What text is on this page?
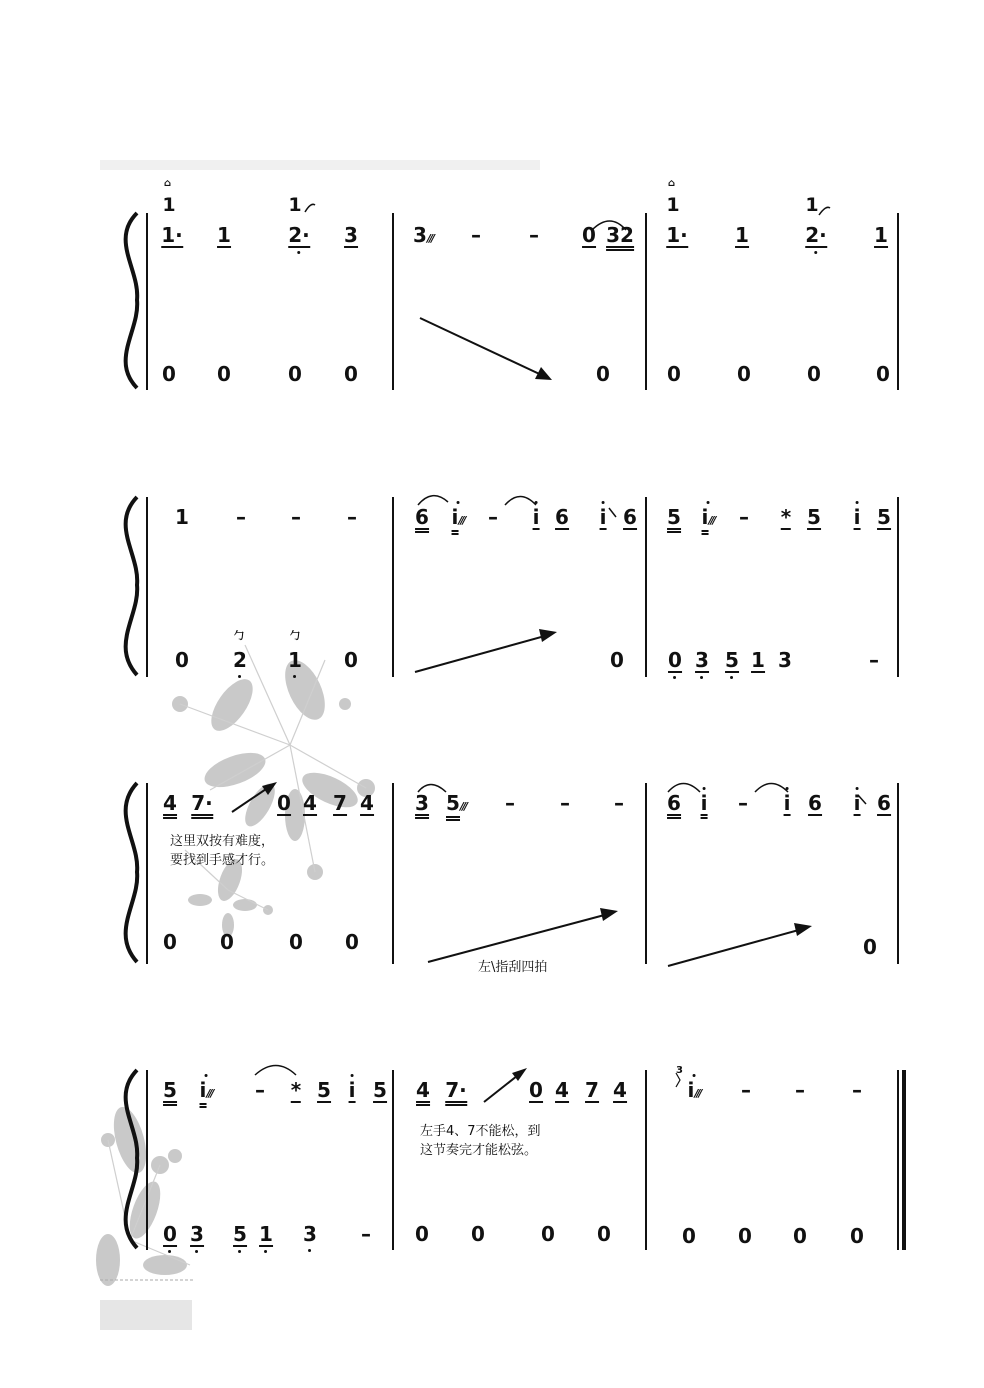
⌂
1	1
1· 1	2· 3	3/// – – 0 32
⌂
1	1
1· 1	2· 1
0 0	0 0	0	0	0	0	0
1 – – –	6 i/// – i 6 i 6 5 i/// – * 5 i 5
勹	勹
0 2 1 0	0 0 3 5 1 3	–
4 7·	0 4 7 4
这里双按有难度，
要找到手感才行。
3 5/// – – – 6 i – i 6 i 6
0 0	0 0
左\指刮四拍
0
5 i/// – * 5 i 5 4 7·	0 4 7 4
左手4、7不能松，到
这节奏完才能松弦。
3
i/// – – –
0 3 5 1 3 – 0 0	0 0	0 0 0 0
